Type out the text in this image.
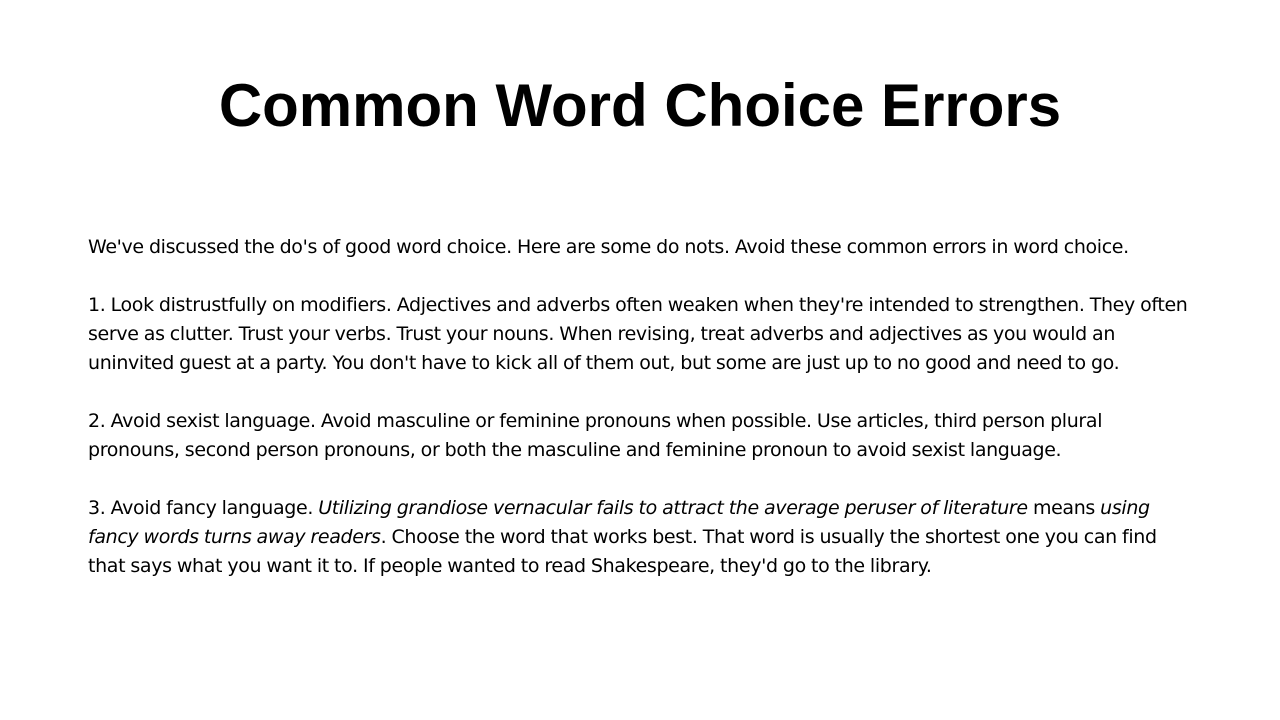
Common Word Choice Errors

We've discussed the do's of good word choice. Here are some do nots. Avoid these common errors in word choice.

1. Look distrustfully on modifiers. Adjectives and adverbs often weaken when they're intended to strengthen. They often serve as clutter. Trust your verbs. Trust your nouns. When revising, treat adverbs and adjectives as you would an uninvited guest at a party. You don't have to kick all of them out, but some are just up to no good and need to go.

2. Avoid sexist language. Avoid masculine or feminine pronouns when possible. Use articles, third person plural pronouns, second person pronouns, or both the masculine and feminine pronoun to avoid sexist language.

3. Avoid fancy language. Utilizing grandiose vernacular fails to attract the average peruser of literature means using fancy words turns away readers. Choose the word that works best. That word is usually the shortest one you can find that says what you want it to. If people wanted to read Shakespeare, they'd go to the library.
